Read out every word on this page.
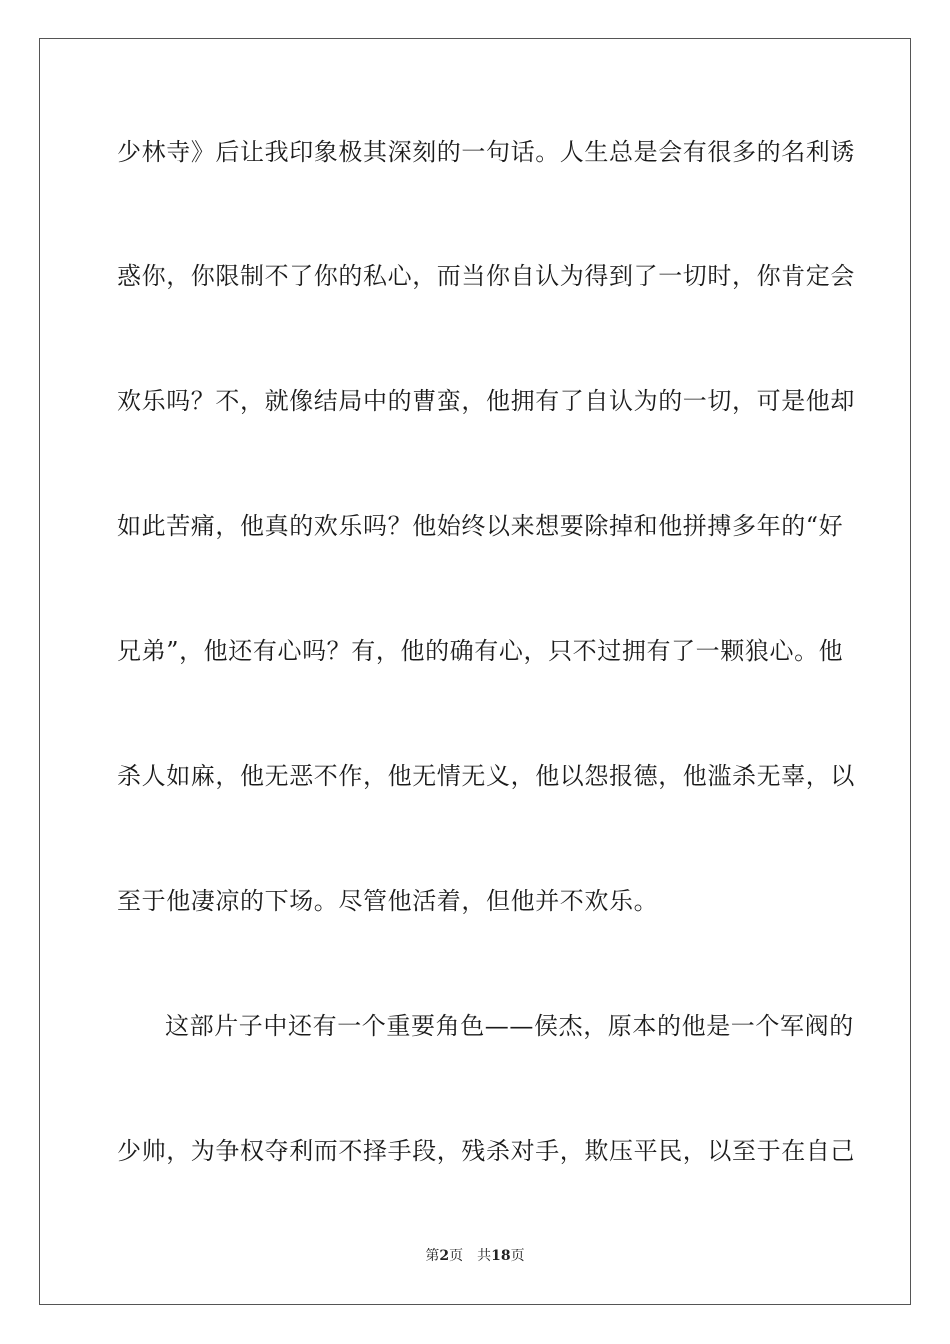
少林寺》后让我印象极其深刻的一句话。人生总是会有很多的名利诱
惑你，你限制不了你的私心，而当你自认为得到了一切时，你肯定会
欢乐吗？不，就像结局中的曹蛮，他拥有了自认为的一切，可是他却
如此苦痛，他真的欢乐吗？他始终以来想要除掉和他拼搏多年的“好
兄弟”，他还有心吗？有，他的确有心，只不过拥有了一颗狼心。他
杀人如麻，他无恶不作，他无情无义，他以怨报德，他滥杀无辜，以
至于他凄凉的下场。尽管他活着，但他并不欢乐。
这部片子中还有一个重要角色——侯杰，原本的他是一个军阀的
少帅，为争权夺利而不择手段，残杀对手，欺压平民，以至于在自己
第2页 共18页
